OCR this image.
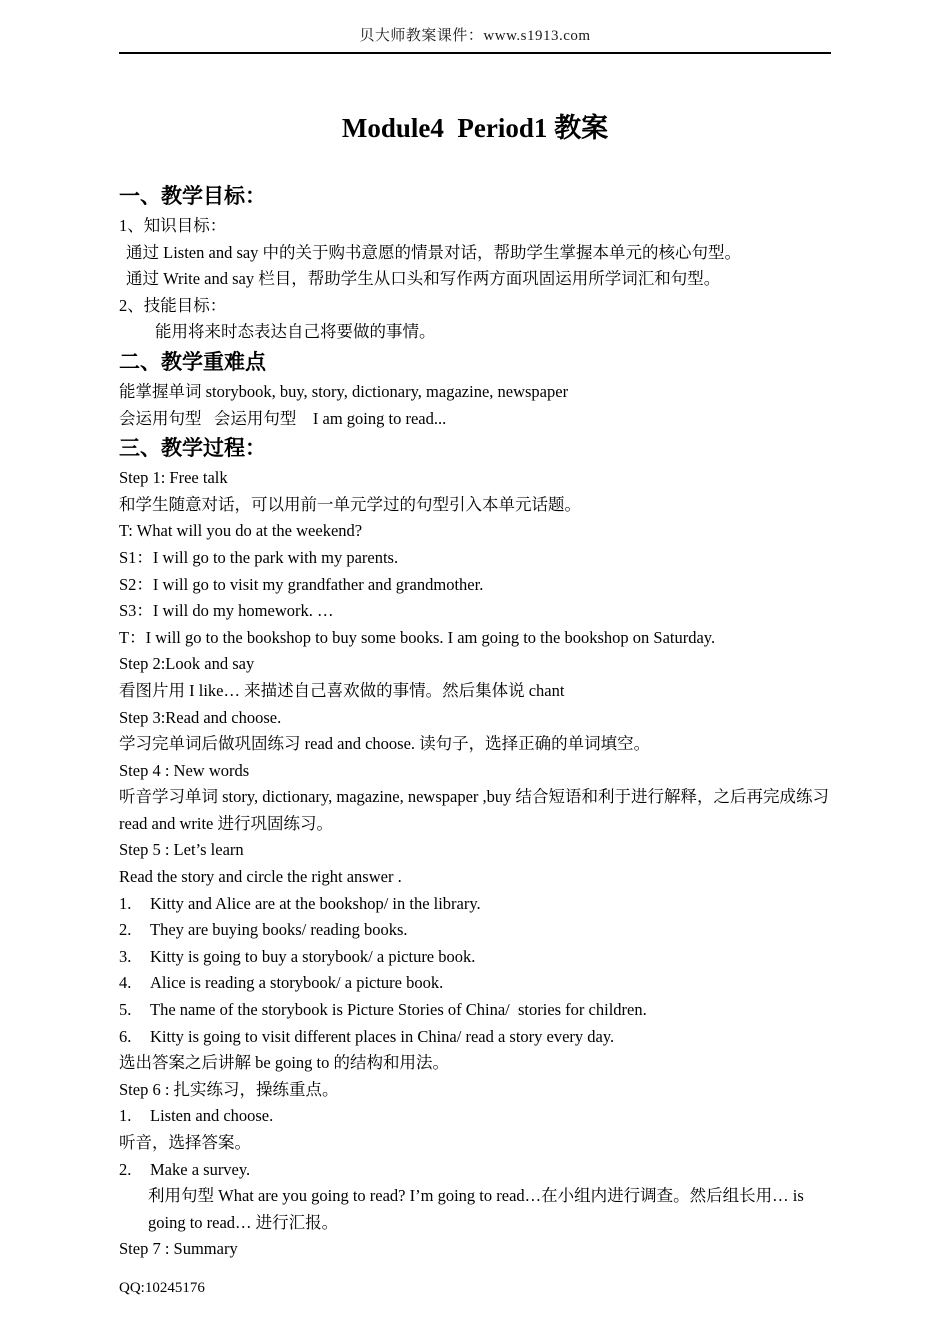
贝大师教案课件：www.s1913.com
Module4  Period1 教案
一、教学目标：
1、知识目标：
通过 Listen and say 中的关于购书意愿的情景对话，帮助学生掌握本单元的核心句型。
通过 Write and say 栏目，帮助学生从口头和写作两方面巩固运用所学词汇和句型。
2、技能目标：
能用将来时态表达自己将要做的事情。
二、教学重难点
能掌握单词 storybook, buy, story, dictionary, magazine, newspaper
会运用句型   会运用句型    I am going to read...
三、教学过程：
Step 1: Free talk
和学生随意对话，可以用前一单元学过的句型引入本单元话题。
T: What will you do at the weekend?
S1：I will go to the park with my parents.
S2：I will go to visit my grandfather and grandmother.
S3：I will do my homework. …
T：I will go to the bookshop to buy some books. I am going to the bookshop on Saturday.
Step 2:Look and say
看图片用 I like… 来描述自己喜欢做的事情。然后集体说 chant
Step 3:Read and choose.
学习完单词后做巩固练习 read and choose. 读句子，选择正确的单词填空。
Step 4 : New words
听音学习单词 story, dictionary, magazine, newspaper ,buy 结合短语和利于进行解释，之后再完成练习 read and write 进行巩固练习。
Step 5 : Let’s learn
Read the story and circle the right answer .
1.	Kitty and Alice are at the bookshop/ in the library.
2.	They are buying books/ reading books.
3.	Kitty is going to buy a storybook/ a picture book.
4.	Alice is reading a storybook/ a picture book.
5.	The name of the storybook is Picture Stories of China/  stories for children.
6.	Kitty is going to visit different places in China/ read a story every day.
选出答案之后讲解 be going to 的结构和用法。
Step 6 : 扎实练习，操练重点。
1.	Listen and choose.
听音，选择答案。
2.	Make a survey.
利用句型 What are you going to read? I’m going to read…在小组内进行调查。然后组长用… is going to read… 进行汇报。
Step 7 : Summary
QQ:10245176
